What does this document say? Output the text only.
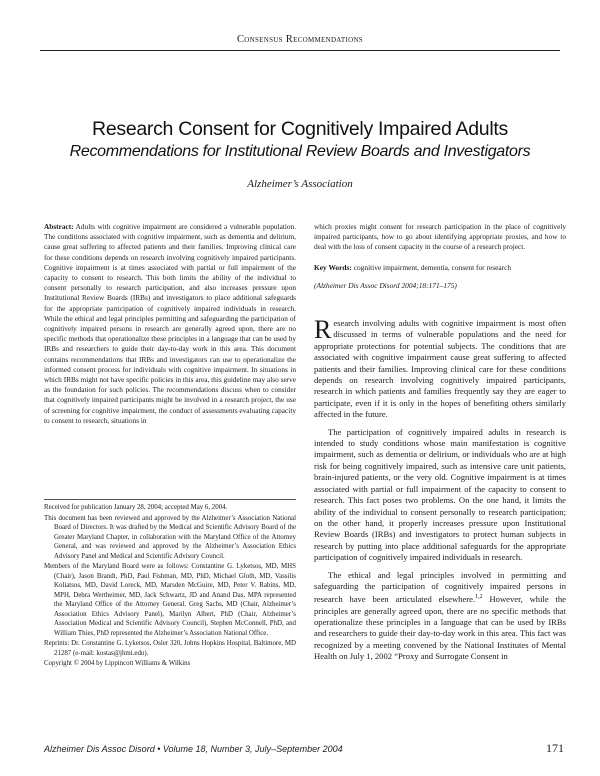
Consensus Recommendations
Research Consent for Cognitively Impaired Adults
Recommendations for Institutional Review Boards and Investigators
Alzheimer’s Association
Abstract: Adults with cognitive impairment are considered a vulnerable population. The conditions associated with cognitive impairment, such as dementia and delirium, cause great suffering to affected patients and their families. Improving clinical care for these conditions depends on research involving cognitively impaired participants. Cognitive impairment is at times associated with partial or full impairment of the capacity to consent to research. This both limits the ability of the individual to consent personally to research participation, and also increases pressure upon Institutional Review Boards (IRBs) and investigators to place additional safeguards for the appropriate participation of cognitively impaired individuals in research. While the ethical and legal principles permitting and safeguarding the participation of cognitively impaired persons in research are generally agreed upon, there are no specific methods that operationalize these principles in a language that can be used by IRBs and researchers to guide their day-to-day work in this area. This document contains recommendations that IRBs and investigators can use to operationalize the informed consent process for individuals with cognitive impairment. In situations in which IRBs might not have specific policies in this area, this guideline may also serve as the foundation for such policies. The recommendations discuss when to consider that cognitively impaired participants might be involved in a research project, the use of screening for cognitive impairment, the conduct of assessments evaluating capacity to consent to research, situations in

Received for publication January 28, 2004; accepted May 6, 2004.

This document has been reviewed and approved by the Alzheimer’s Association National Board of Directors. It was drafted by the Medical and Scientific Advisory Board of the Greater Maryland Chapter, in collaboration with the Maryland Office of the Attorney General, and was reviewed and approved by the Alzheimer’s Association Ethics Advisory Panel and Medical and Scientific Advisory Council.

Members of the Maryland Board were as follows: Constantine G. Lyketsos, MD, MHS (Chair), Jason Brandt, PhD, Paul Fishman, MD, PhD, Michael Gloth, MD, Vassilis Koliatsos, MD, David Loreck, MD, Marsden McGuire, MD, Peter V. Rabins, MD, MPH, Debra Wertheimer, MD, Jack Schwartz, JD and Anand Das, MPA represented the Maryland Office of the Attorney General. Greg Sachs, MD (Chair, Alzheimer’s Association Ethics Advisory Panel), Marilyn Albert, PhD (Chair, Alzheimer’s Association Medical and Scientific Advisory Council), Stephen McConnell, PhD, and William Thies, PhD represented the Alzheimer’s Association National Office.

Reprints: Dr. Constantine G. Lyketsos, Osler 320, Johns Hopkins Hospital, Baltimore, MD 21287 (e-mail: kostas@jhmi.edu).

Copyright © 2004 by Lippincott Williams & Wilkins

which proxies might consent for research participation in the place of cognitively impaired participants, how to go about identifying appropriate proxies, and how to deal with the loss of consent capacity in the course of a research project.
Key Words: cognitive impairment, dementia, consent for research
(Alzheimer Dis Assoc Disord 2004;18:171–175)

Research involving adults with cognitive impairment is most often discussed in terms of vulnerable populations and the need for appropriate protections for potential subjects. The conditions that are associated with cognitive impairment cause great suffering to affected patients and their families. Improving clinical care for these conditions depends on research involving cognitively impaired participants, research in which patients and families frequently say they are eager to participate, even if it is only in the hopes of benefiting others similarly affected in the future.

The participation of cognitively impaired adults in research is intended to study conditions whose main manifestation is cognitive impairment, such as dementia or delirium, or individuals who are at high risk for being cognitively impaired, such as intensive care unit patients, brain-injured patients, or the very old. Cognitive impairment is at times associated with partial or full impairment of the capacity to consent to research. This fact poses two problems. On the one hand, it limits the ability of the individual to consent personally to research participation; on the other hand, it properly increases pressure upon Institutional Review Boards (IRBs) and investigators to protect human subjects in research by putting into place additional safeguards for the appropriate participation of cognitively impaired individuals in research.

The ethical and legal principles involved in permitting and safeguarding the participation of cognitively impaired persons in research have been articulated elsewhere.$^{1,2}$ However, while the principles are generally agreed upon, there are no specific methods that operationalize these principles in a language that can be used by IRBs and researchers to guide their day-to-day work in this area. This fact was recognized by a meeting convened by the National Institutes of Mental Health on July 1, 2002 “Proxy and Surrogate Consent in

Alzheimer Dis Assoc Disord • Volume 18, Number 3, July–September 2004	171
